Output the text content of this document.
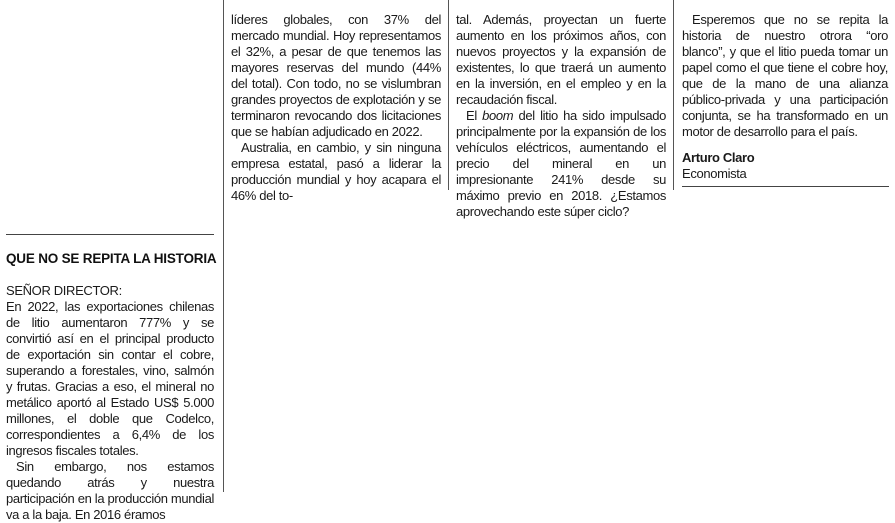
QUE NO SE REPITA LA HISTORIA

SEÑOR DIRECTOR:

En 2022, las exportaciones chilenas de litio aumentaron 777% y se convirtió así en el principal producto de exportación sin contar el cobre, superando a forestales, vino, salmón y frutas. Gracias a eso, el mineral no metálico aportó al Estado US$ 5.000 millones, el doble que Codelco, correspondientes a 6,4% de los ingresos fiscales totales.

Sin embargo, nos estamos quedando atrás y nuestra participación en la producción mundial va a la baja. En 2016 éramos

líderes globales, con 37% del mercado mundial. Hoy representamos el 32%, a pesar de que tenemos las mayores reservas del mundo (44% del total). Con todo, no se vislumbran grandes proyectos de explotación y se terminaron revocando dos licitaciones que se habían adjudicado en 2022.

Australia, en cambio, y sin ninguna empresa estatal, pasó a liderar la producción mundial y hoy acapara el 46% del to-

tal. Además, proyectan un fuerte aumento en los próximos años, con nuevos proyectos y la expansión de existentes, lo que traerá un aumento en la inversión, en el empleo y en la recaudación fiscal.

El boom del litio ha sido impulsado principalmente por la expansión de los vehículos eléctricos, aumentando el precio del mineral en un impresionante 241% desde su máximo previo en 2018. ¿Estamos aprovechando este súper ciclo?

Esperemos que no se repita la historia de nuestro otrora “oro blanco”, y que el litio pueda tomar un papel como el que tiene el cobre hoy, que de la mano de una alianza público-privada y una participación conjunta, se ha transformado en un motor de desarrollo para el país.

Arturo Claro

Economista
